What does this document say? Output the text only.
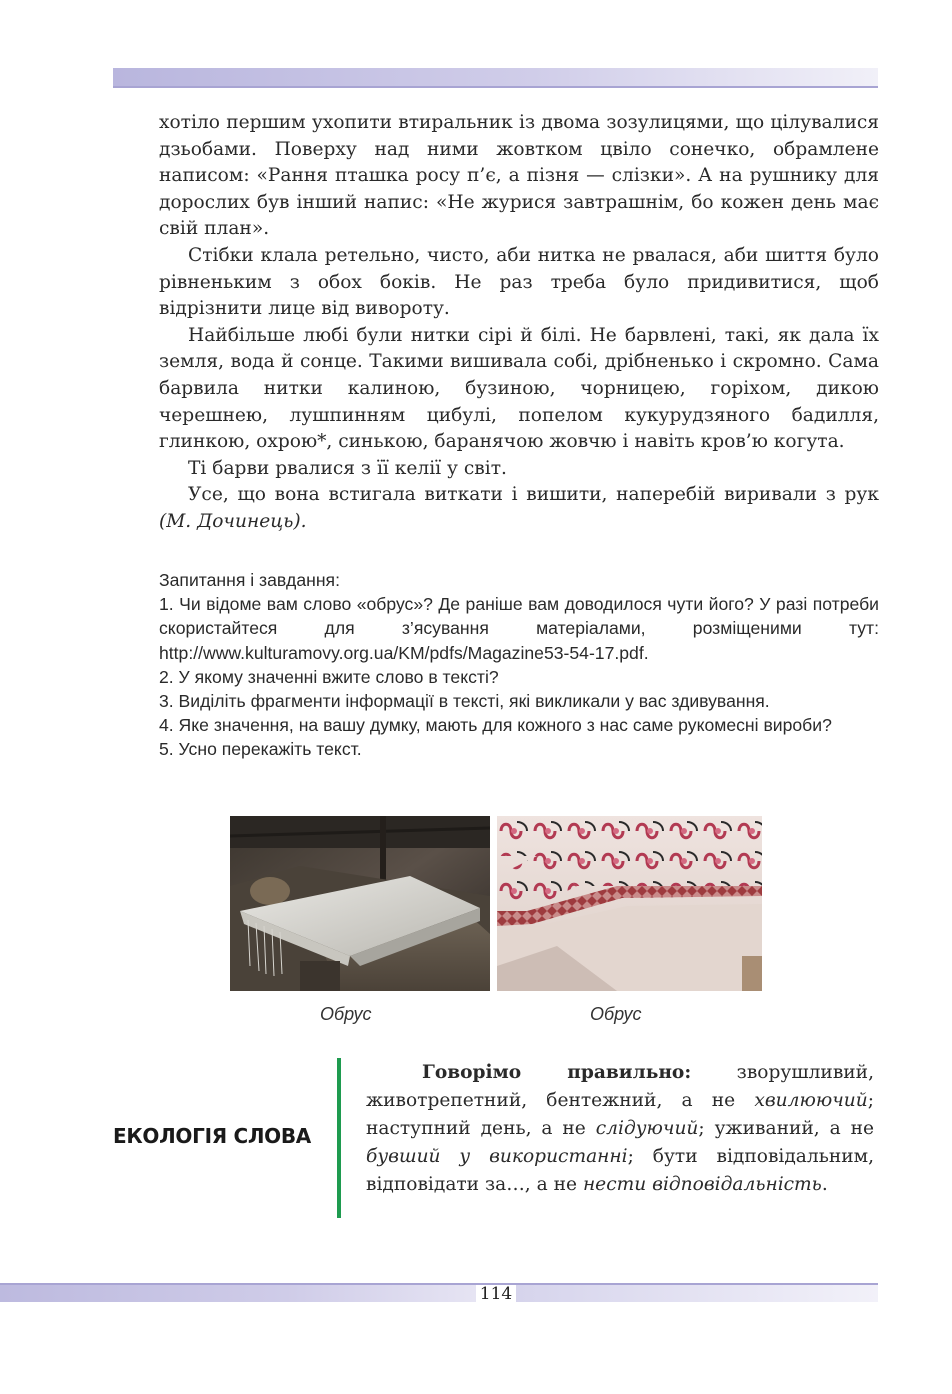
хотіло першим ухопити втиральник із двома зозулицями, що цілувалися дзьобами. Поверху над ними жовтком цвіло сонечко, обрамлене написом: «Рання пташка росу п’є, а пізня — слізки». А на рушнику для дорослих був інший напис: «Не журися завтрашнім, бо кожен день має свій план».

Стібки клала ретельно, чисто, аби нитка не рвалася, аби шиття було рівненьким з обох боків. Не раз треба було придивитися, щоб відрізнити лице від вивороту.

Найбільше любі були нитки сірі й білі. Не барвлені, такі, як дала їх земля, вода й сонце. Такими вишивала собі, дрібненько і скромно. Сама барвила нитки калиною, бузиною, чорницею, горіхом, дикою черешнею, лушпинням цибулі, попелом кукурудзяного бадилля, глинкою, охрою*, синькою, баранячою жовчю і навіть кров’ю когута.

Ті барви рвалися з її келії у світ.

Усе, що вона встигала виткати і вишити, наперебій виривали з рук (М. Дочинець).

Запитання і завдання:

1. Чи відоме вам слово «обрус»? Де раніше вам доводилося чути його? У разі потреби скористайтеся для з’ясування матеріалами, розміщеними тут: http://www.kulturamovy.org.ua/KM/pdfs/Magazine53-54-17.pdf.

2. У якому значенні вжите слово в тексті?

3. Виділіть фрагменти інформації в тексті, які викликали у вас здивування.

4. Яке значення, на вашу думку, мають для кожного з нас саме рукомесні вироби?

5. Усно перекажіть текст.

Обрус	Обрус
ЕКОЛОГІЯ СЛОВА
Говорімо правильно: зворушливий, животрепетний, бентежний, а не хвилюючий; наступний день, а не слідуючий; уживаний, а не бувший у використанні; бути відповідальним, відповідати за…, а не нести відповідальність.
114
